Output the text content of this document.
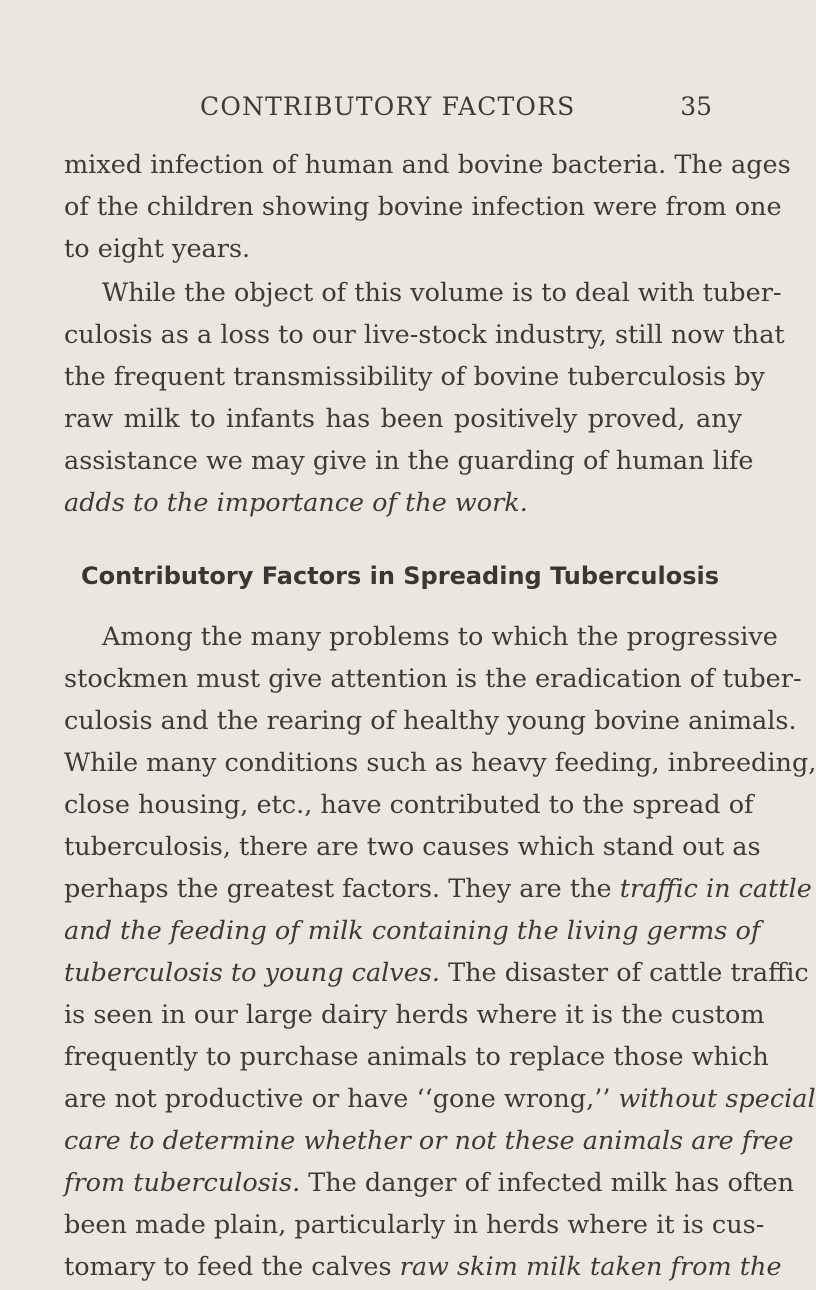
CONTRIBUTORY FACTORS	35
mixed infection of human and bovine bacteria. The ages
of the children showing bovine infection were from one
to eight years.
While the object of this volume is to deal with tuber-
culosis as a loss to our live-stock industry, still now that
the frequent transmissibility of bovine tuberculosis by
raw milk to infants has been positively proved, any
assistance we may give in the guarding of human life
adds to the importance of the work.
Contributory Factors in Spreading Tuberculosis
Among the many problems to which the progressive
stockmen must give attention is the eradication of tuber-
culosis and the rearing of healthy young bovine animals.
While many conditions such as heavy feeding, inbreeding,
close housing, etc., have contributed to the spread of
tuberculosis, there are two causes which stand out as
perhaps the greatest factors. They are the traffic in cattle
and the feeding of milk containing the living germs of
tuberculosis to young calves. The disaster of cattle traffic
is seen in our large dairy herds where it is the custom
frequently to purchase animals to replace those which
are not productive or have ‘‘gone wrong,’’ without special
care to determine whether or not these animals are free
from tuberculosis. The danger of infected milk has often
been made plain, particularly in herds where it is cus-
tomary to feed the calves raw skim milk taken from the
